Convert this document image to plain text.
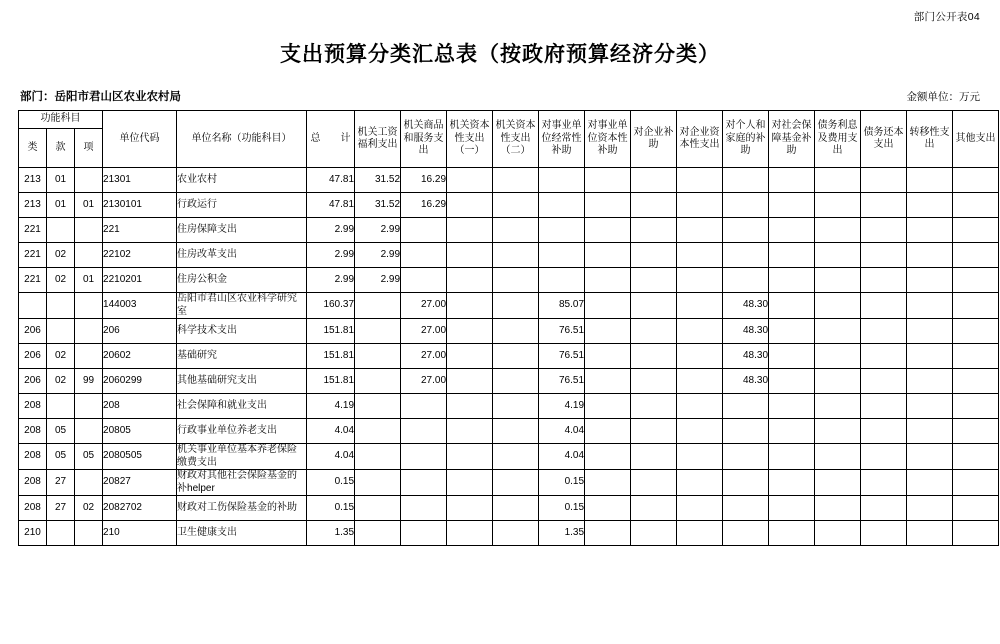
部门公开表04
支出预算分类汇总表（按政府预算经济分类）
部门：岳阳市君山区农业农村局	金额单位：万元
功能科目			单位代码	单位名称（功能科目）	总　　计	机关工资福利支出	机关商品和服务支出	机关资本性支出（一）	机关资本性支出（二）	对事业单位经常性补助	对事业单位资本性补助	对企业补助	对企业资本性支出	对个人和家庭的补助	对社会保障基金补助	债务利息及费用支出	债务还本支出	转移性支出	其他支出
类	款	项																	
213	01		21301	农业农村	47.81	31.52	16.29												
213	01	01	2130101	行政运行	47.81	31.52	16.29												
221			221	住房保障支出	2.99	2.99													
221	02		22102	住房改革支出	2.99	2.99													
221	02	01	2210201	住房公积金	2.99	2.99													
			144003	岳阳市君山区农业科学研究室	160.37		27.00			85.07				48.30					
206			206	科学技术支出	151.81		27.00			76.51				48.30					
206	02		20602	基础研究	151.81		27.00			76.51				48.30					
206	02	99	2060299	其他基础研究支出	151.81		27.00			76.51				48.30					
208			208	社会保障和就业支出	4.19					4.19									
208	05		20805	行政事业单位养老支出	4.04					4.04									
208	05	05	2080505	机关事业单位基本养老保险缴费支出	4.04					4.04									
208	27		20827	财政对其他社会保险基金的补helper	0.15					0.15									
208	27	02	2082702	财政对工伤保险基金的补助	0.15					0.15									
210			210	卫生健康支出	1.35					1.35									
